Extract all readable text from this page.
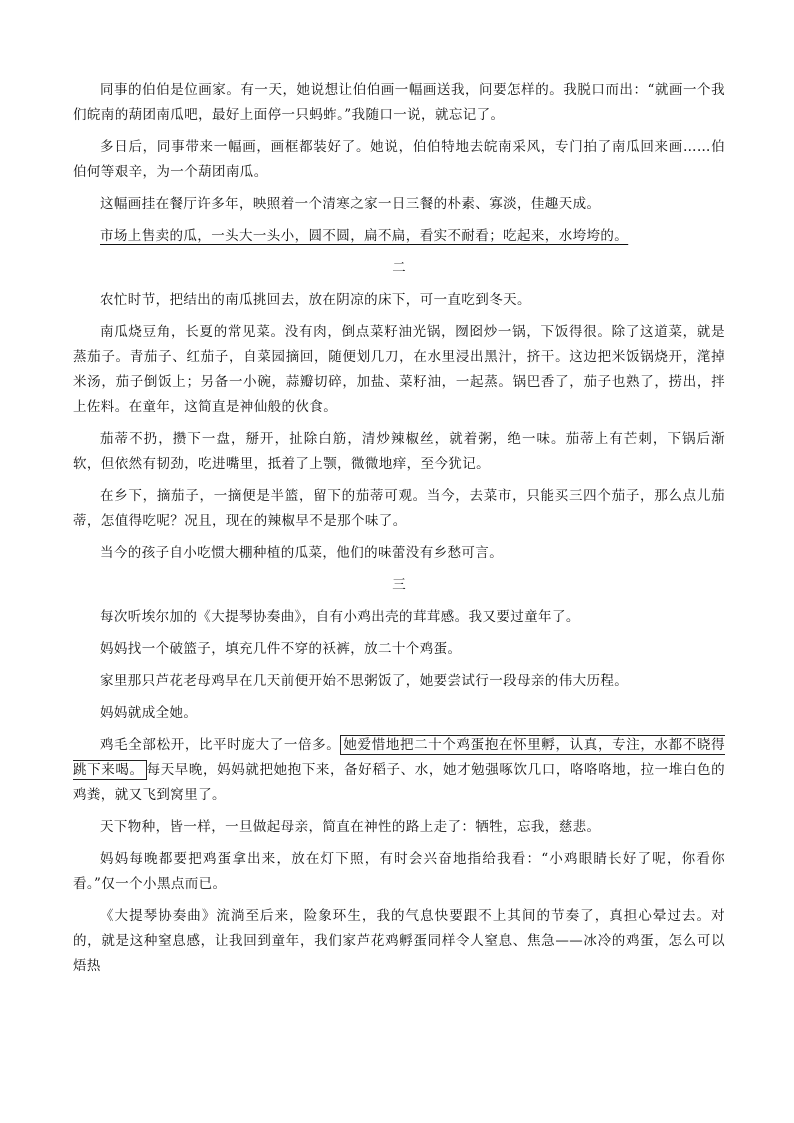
同事的伯伯是位画家。有一天，她说想让伯伯画一幅画送我，问要怎样的。我脱口而出：“就画一个我们皖南的葫团南瓜吧，最好上面停一只蚂蚱。”我随口一说，就忘记了。

多日后，同事带来一幅画，画框都装好了。她说，伯伯特地去皖南采风，专门拍了南瓜回来画……伯伯何等艰辛，为一个葫团南瓜。

这幅画挂在餐厅许多年，映照着一个清寒之家一日三餐的朴素、寡淡，佳趣天成。

市场上售卖的瓜，一头大一头小，圆不圆，扁不扁，看实不耐看；吃起来，水垮垮的。

二

农忙时节，把结出的南瓜挑回去，放在阴凉的床下，可一直吃到冬天。

南瓜烧豆角，长夏的常见菜。没有肉，倒点菜籽油光锅，囫囵炒一锅，下饭得很。除了这道菜，就是蒸茄子。青茄子、红茄子，自菜园摘回，随便划几刀，在水里浸出黑汁，挤干。这边把米饭锅烧开，滗掉米汤，茄子倒饭上；另备一小碗，蒜瓣切碎，加盐、菜籽油，一起蒸。锅巴香了，茄子也熟了，捞出，拌上佐料。在童年，这简直是神仙般的伙食。

茄蒂不扔，攒下一盘，掰开，扯除白筋，清炒辣椒丝，就着粥，绝一味。茄蒂上有芒刺，下锅后渐软，但依然有韧劲，吃进嘴里，抵着了上颚，微微地痒，至今犹记。

在乡下，摘茄子，一摘便是半篮，留下的茄蒂可观。当今，去菜市，只能买三四个茄子，那么点儿茄蒂，怎值得吃呢？况且，现在的辣椒早不是那个味了。

当今的孩子自小吃惯大棚种植的瓜菜，他们的味蕾没有乡愁可言。

三

每次听埃尔加的《大提琴协奏曲》，自有小鸡出壳的茸茸感。我又要过童年了。

妈妈找一个破篮子，填充几件不穿的袄裤，放二十个鸡蛋。

家里那只芦花老母鸡早在几天前便开始不思粥饭了，她要尝试行一段母亲的伟大历程。

妈妈就成全她。

鸡毛全部松开，比平时庞大了一倍多。 她爱惜地把二十个鸡蛋抱在怀里孵，认真，专注，水都不晓得跳下来喝。 每天早晚，妈妈就把她抱下来，备好稻子、水，她才勉强啄饮几口，咯咯咯地，拉一堆白色的鸡粪，就又飞到窝里了。

天下物种，皆一样，一旦做起母亲，简直在神性的路上走了：牺牲，忘我，慈悲。

妈妈每晚都要把鸡蛋拿出来，放在灯下照，有时会兴奋地指给我看：“小鸡眼睛长好了呢，你看你看。”仅一个小黑点而已。

《大提琴协奏曲》流淌至后来，险象环生，我的气息快要跟不上其间的节奏了，真担心晕过去。对的，就是这种窒息感，让我回到童年，我们家芦花鸡孵蛋同样令人窒息、焦急——冰冷的鸡蛋，怎么可以焐热
